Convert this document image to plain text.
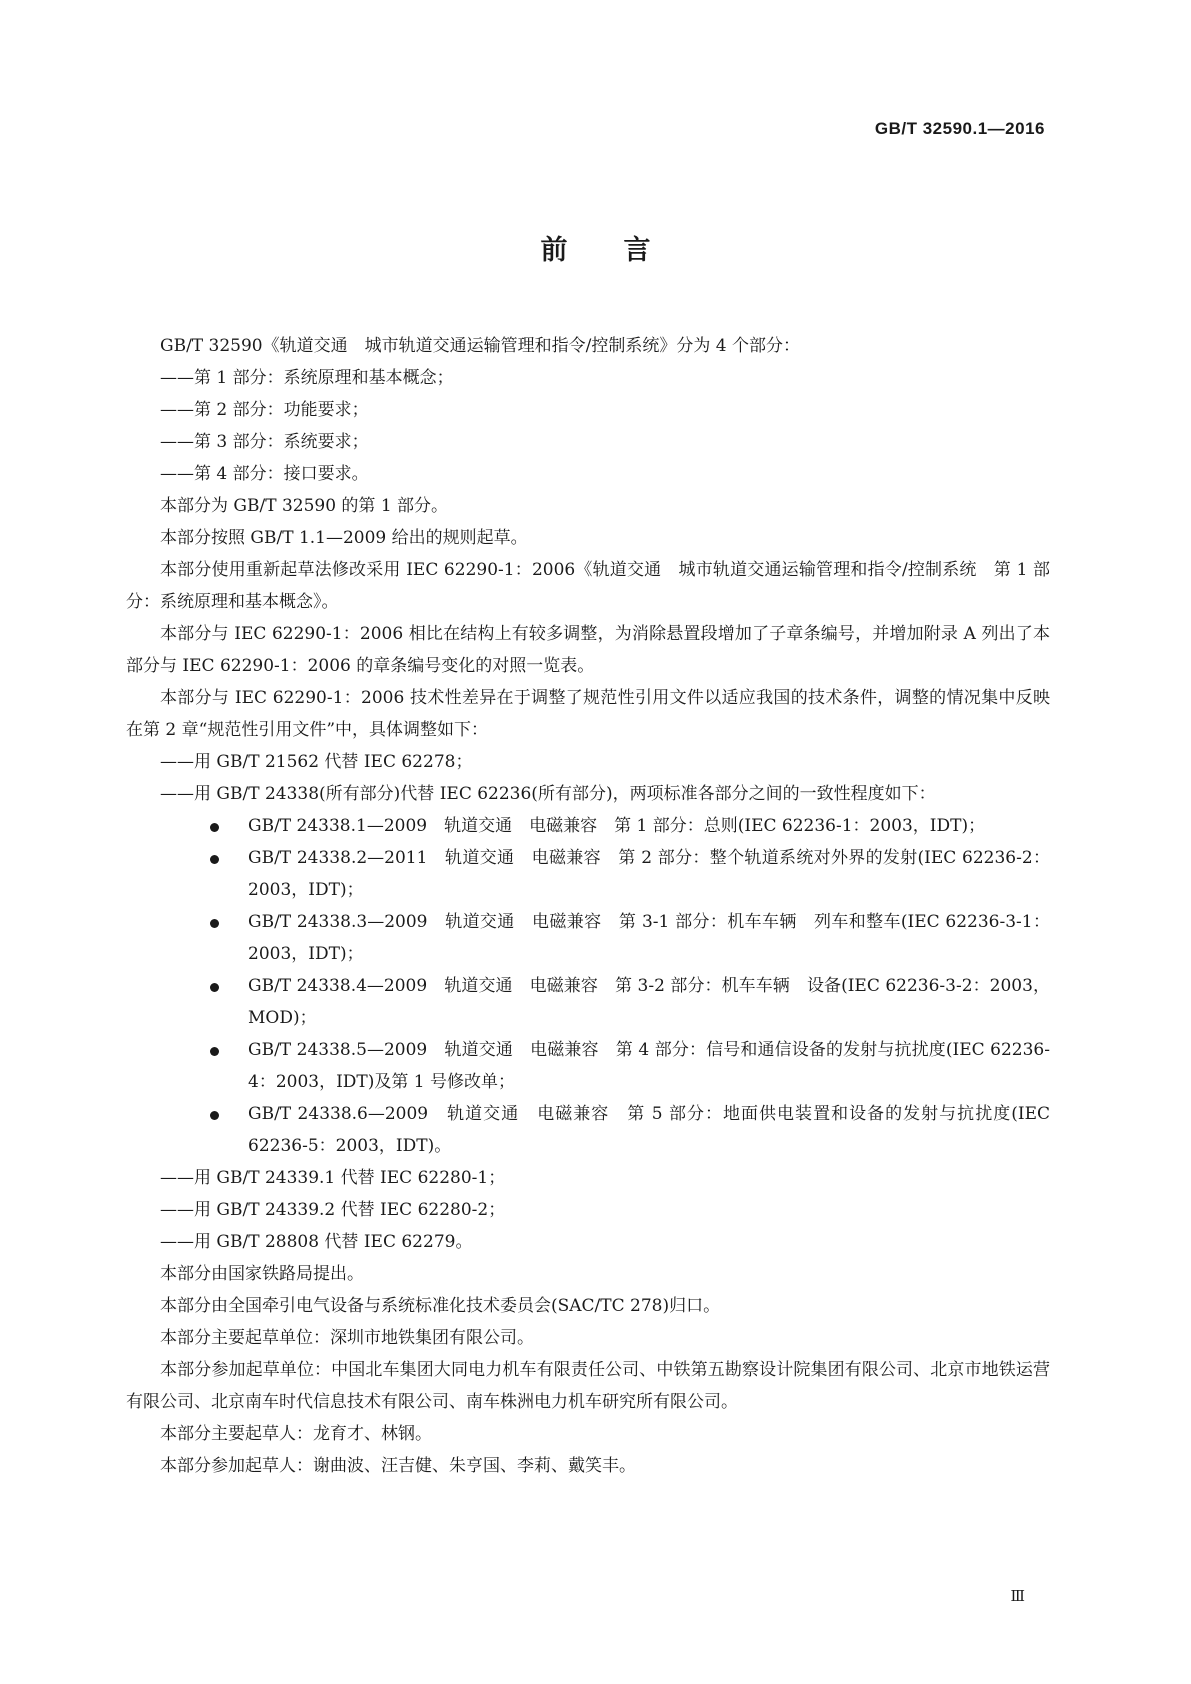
GB/T 32590.1—2016
前言

GB/T 32590《轨道交通　城市轨道交通运输管理和指令/控制系统》分为 4 个部分：

——第 1 部分：系统原理和基本概念；

——第 2 部分：功能要求；

——第 3 部分：系统要求；

——第 4 部分：接口要求。

本部分为 GB/T 32590 的第 1 部分。

本部分按照 GB/T 1.1—2009 给出的规则起草。

本部分使用重新起草法修改采用 IEC 62290-1：2006《轨道交通　城市轨道交通运输管理和指令/控制系统　第 1 部分：系统原理和基本概念》。

本部分与 IEC 62290-1：2006 相比在结构上有较多调整，为消除悬置段增加了子章条编号，并增加附录 A 列出了本部分与 IEC 62290-1：2006 的章条编号变化的对照一览表。

本部分与 IEC 62290-1：2006 技术性差异在于调整了规范性引用文件以适应我国的技术条件，调整的情况集中反映在第 2 章“规范性引用文件”中，具体调整如下：

——用 GB/T 21562 代替 IEC 62278；

——用 GB/T 24338(所有部分)代替 IEC 62236(所有部分)，两项标准各部分之间的一致性程度如下：

GB/T 24338.1—2009　轨道交通　电磁兼容　第 1 部分：总则(IEC 62236-1：2003，IDT)；
GB/T 24338.2—2011　轨道交通　电磁兼容　第 2 部分：整个轨道系统对外界的发射(IEC 62236-2：2003，IDT)；
GB/T 24338.3—2009　轨道交通　电磁兼容　第 3-1 部分：机车车辆　列车和整车(IEC 62236-3-1：2003，IDT)；
GB/T 24338.4—2009　轨道交通　电磁兼容　第 3-2 部分：机车车辆　设备(IEC 62236-3-2：2003，MOD)；
GB/T 24338.5—2009　轨道交通　电磁兼容　第 4 部分：信号和通信设备的发射与抗扰度(IEC 62236-4：2003，IDT)及第 1 号修改单；
GB/T 24338.6—2009　轨道交通　电磁兼容　第 5 部分：地面供电装置和设备的发射与抗扰度(IEC 62236-5：2003，IDT)。

——用 GB/T 24339.1 代替 IEC 62280-1；

——用 GB/T 24339.2 代替 IEC 62280-2；

——用 GB/T 28808 代替 IEC 62279。

本部分由国家铁路局提出。

本部分由全国牵引电气设备与系统标准化技术委员会(SAC/TC 278)归口。

本部分主要起草单位：深圳市地铁集团有限公司。

本部分参加起草单位：中国北车集团大同电力机车有限责任公司、中铁第五勘察设计院集团有限公司、北京市地铁运营有限公司、北京南车时代信息技术有限公司、南车株洲电力机车研究所有限公司。

本部分主要起草人：龙育才、林钢。

本部分参加起草人：谢曲波、汪吉健、朱亨国、李莉、戴笑丰。

Ⅲ
